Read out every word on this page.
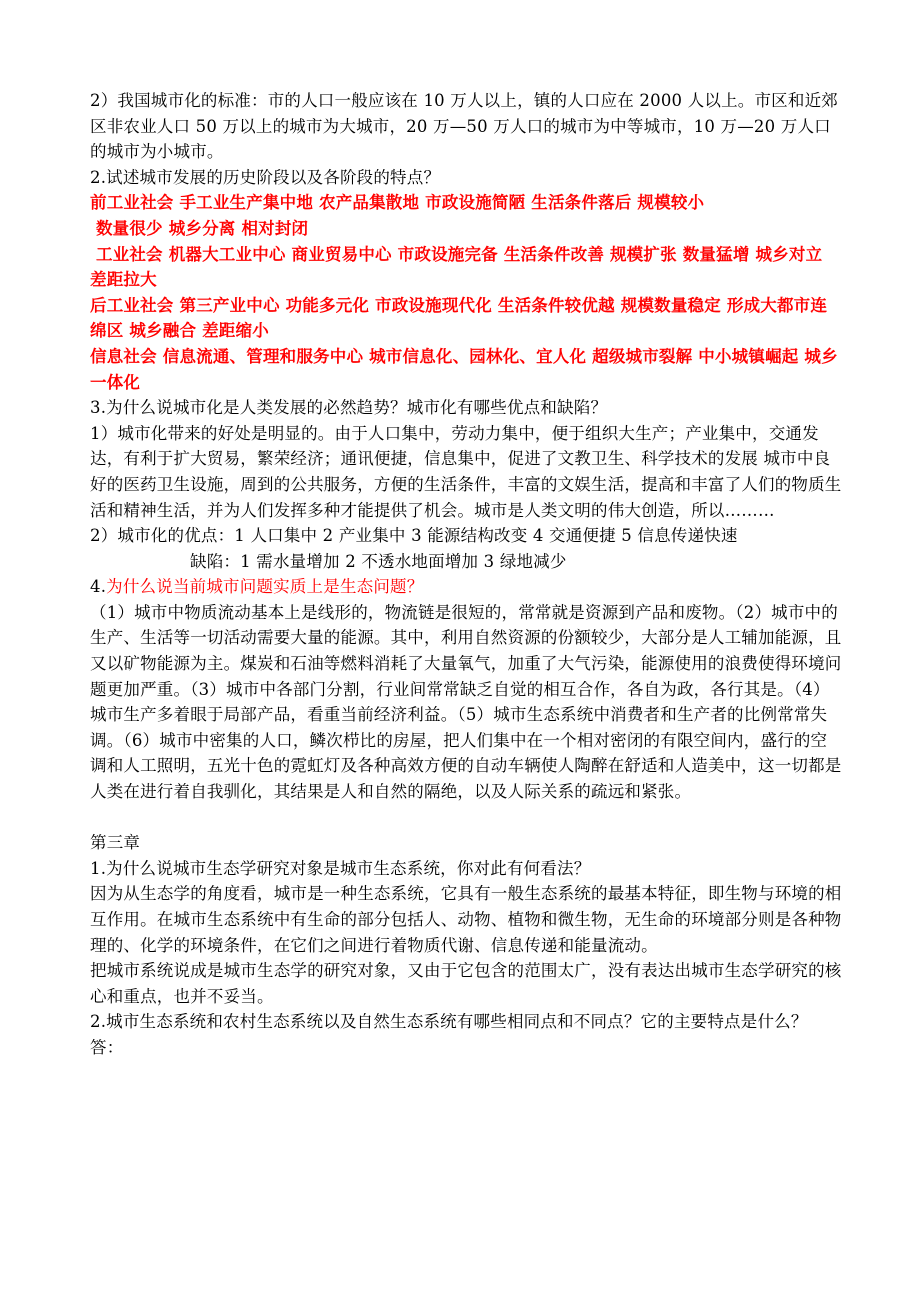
2）我国城市化的标准：市的人口一般应该在 10 万人以上，镇的人口应在 2000 人以上。市区和近郊区非农业人口 50 万以上的城市为大城市，20 万—50 万人口的城市为中等城市，10 万—20 万人口的城市为小城市。

2.试述城市发展的历史阶段以及各阶段的特点？

前工业社会 手工业生产集中地 农产品集散地 市政设施简陋 生活条件落后 规模较小

数量很少 城乡分离 相对封闭

工业社会 机器大工业中心 商业贸易中心 市政设施完备 生活条件改善 规模扩张 数量猛增 城乡对立 差距拉大

后工业社会 第三产业中心 功能多元化 市政设施现代化 生活条件较优越 规模数量稳定 形成大都市连绵区 城乡融合 差距缩小

信息社会 信息流通、管理和服务中心 城市信息化、园林化、宜人化 超级城市裂解 中小城镇崛起 城乡一体化

3.为什么说城市化是人类发展的必然趋势？城市化有哪些优点和缺陷？

1）城市化带来的好处是明显的。由于人口集中，劳动力集中，便于组织大生产；产业集中，交通发达，有利于扩大贸易，繁荣经济；通讯便捷，信息集中，促进了文教卫生、科学技术的发展 城市中良好的医药卫生设施，周到的公共服务，方便的生活条件，丰富的文娱生活，提高和丰富了人们的物质生活和精神生活，并为人们发挥多种才能提供了机会。城市是人类文明的伟大创造，所以………

2）城市化的优点：1 人口集中 2 产业集中 3 能源结构改变 4 交通便捷 5 信息传递快速

缺陷：1 需水量增加 2 不透水地面增加 3 绿地减少

4.为什么说当前城市问题实质上是生态问题？

（1）城市中物质流动基本上是线形的，物流链是很短的，常常就是资源到产品和废物。（2）城市中的生产、生活等一切活动需要大量的能源。其中，利用自然资源的份额较少，大部分是人工辅加能源，且又以矿物能源为主。煤炭和石油等燃料消耗了大量氧气，加重了大气污染，能源使用的浪费使得环境问题更加严重。（3）城市中各部门分割，行业间常常缺乏自觉的相互合作，各自为政，各行其是。（4）城市生产多着眼于局部产品，看重当前经济利益。（5）城市生态系统中消费者和生产者的比例常常失调。（6）城市中密集的人口，鳞次栉比的房屋，把人们集中在一个相对密闭的有限空间内，盛行的空调和人工照明，五光十色的霓虹灯及各种高效方便的自动车辆使人陶醉在舒适和人造美中，这一切都是人类在进行着自我驯化，其结果是人和自然的隔绝，以及人际关系的疏远和紧张。

第三章

1.为什么说城市生态学研究对象是城市生态系统，你对此有何看法？

因为从生态学的角度看，城市是一种生态系统，它具有一般生态系统的最基本特征，即生物与环境的相互作用。在城市生态系统中有生命的部分包括人、动物、植物和微生物，无生命的环境部分则是各种物理的、化学的环境条件，在它们之间进行着物质代谢、信息传递和能量流动。

把城市系统说成是城市生态学的研究对象，又由于它包含的范围太广，没有表达出城市生态学研究的核心和重点，也并不妥当。

2.城市生态系统和农村生态系统以及自然生态系统有哪些相同点和不同点？它的主要特点是什么？

答：
